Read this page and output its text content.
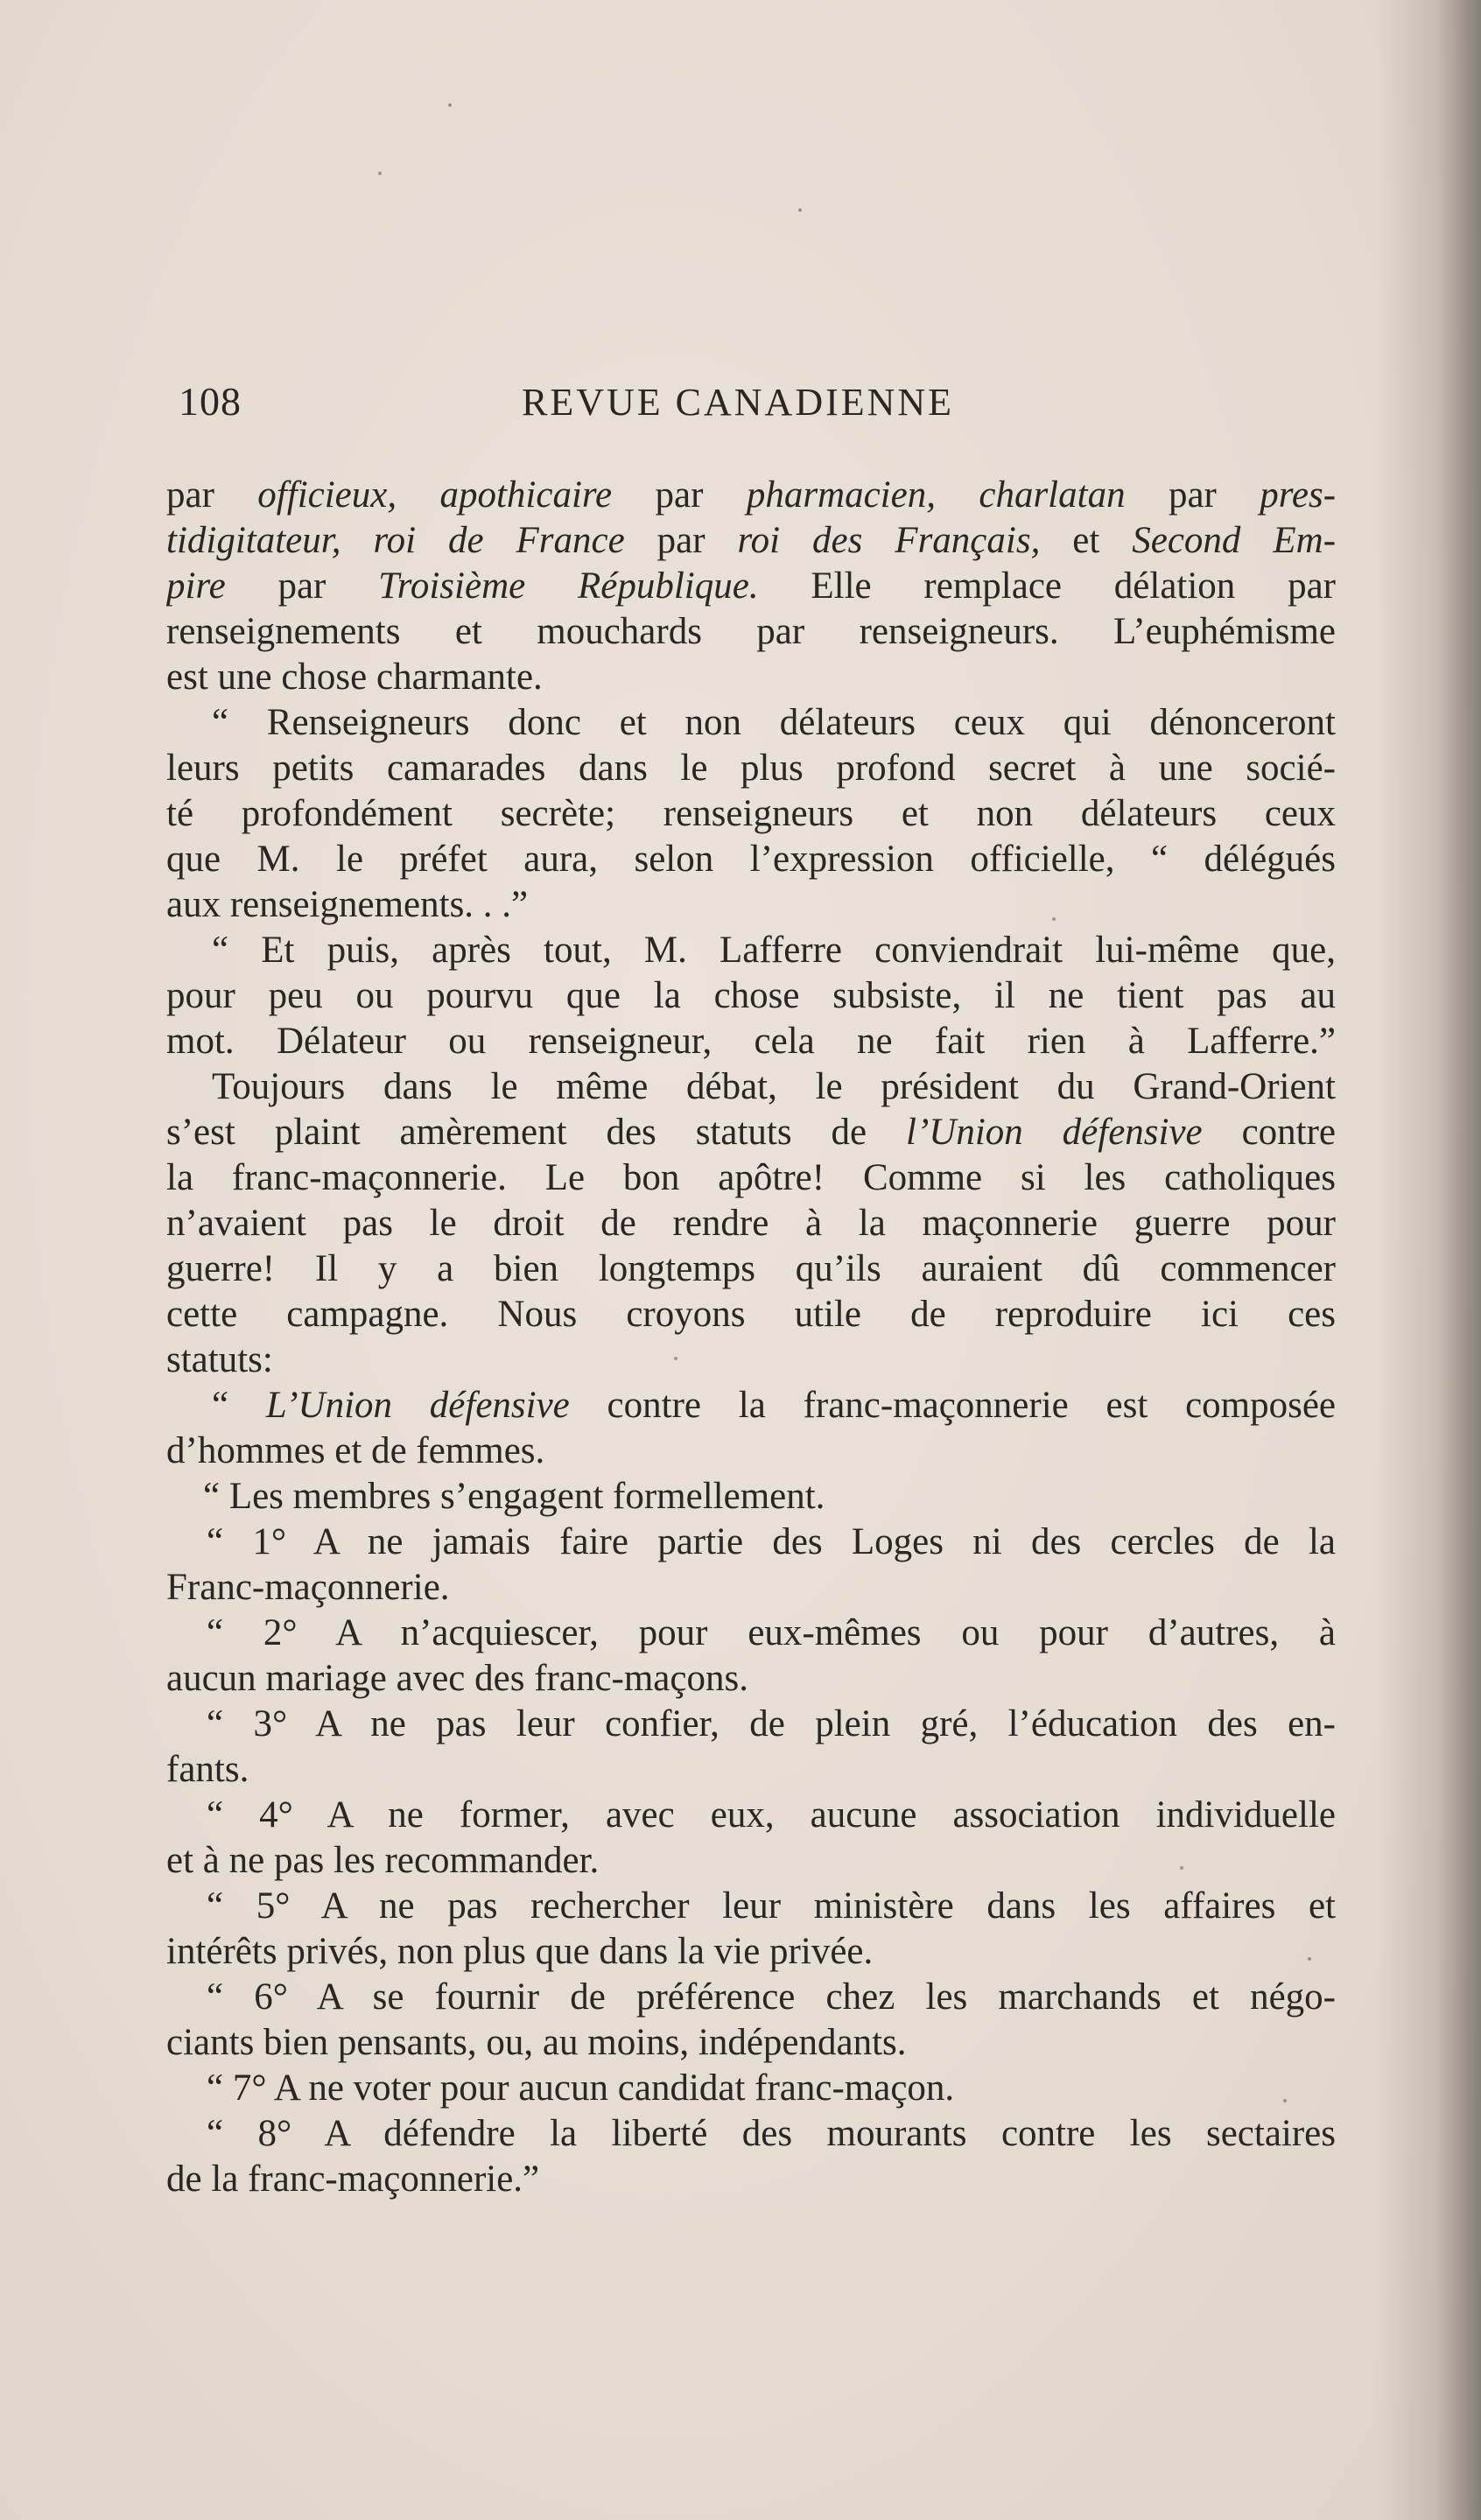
108	REVUE CANADIENNE
par officieux, apothicaire par pharmacien, charlatan par pres-
tidigitateur, roi de France par roi des Français, et Second Em-
pire par Troisième République. Elle remplace délation par
renseignements et mouchards par renseigneurs. L’euphémisme
est une chose charmante.
“ Renseigneurs donc et non délateurs ceux qui dénonceront
leurs petits camarades dans le plus profond secret à une socié-
té profondément secrète; renseigneurs et non délateurs ceux
que M. le préfet aura, selon l’expression officielle, “ délégués
aux renseignements. . .”
“ Et puis, après tout, M. Lafferre conviendrait lui-même que,
pour peu ou pourvu que la chose subsiste, il ne tient pas au
mot. Délateur ou renseigneur, cela ne fait rien à Lafferre.”
Toujours dans le même débat, le président du Grand-Orient
s’est plaint amèrement des statuts de l’Union défensive contre
la franc-maçonnerie. Le bon apôtre! Comme si les catholiques
n’avaient pas le droit de rendre à la maçonnerie guerre pour
guerre! Il y a bien longtemps qu’ils auraient dû commencer
cette campagne. Nous croyons utile de reproduire ici ces
statuts:
“ L’Union défensive contre la franc-maçonnerie est composée
d’hommes et de femmes.
“ Les membres s’engagent formellement.
“ 1° A ne jamais faire partie des Loges ni des cercles de la
Franc-maçonnerie.
“ 2° A n’acquiescer, pour eux-mêmes ou pour d’autres, à
aucun mariage avec des franc-maçons.
“ 3° A ne pas leur confier, de plein gré, l’éducation des en-
fants.
“ 4° A ne former, avec eux, aucune association individuelle
et à ne pas les recommander.
“ 5° A ne pas rechercher leur ministère dans les affaires et
intérêts privés, non plus que dans la vie privée.
“ 6° A se fournir de préférence chez les marchands et négo-
ciants bien pensants, ou, au moins, indépendants.
“ 7° A ne voter pour aucun candidat franc-maçon.
“ 8° A défendre la liberté des mourants contre les sectaires
de la franc-maçonnerie.”
